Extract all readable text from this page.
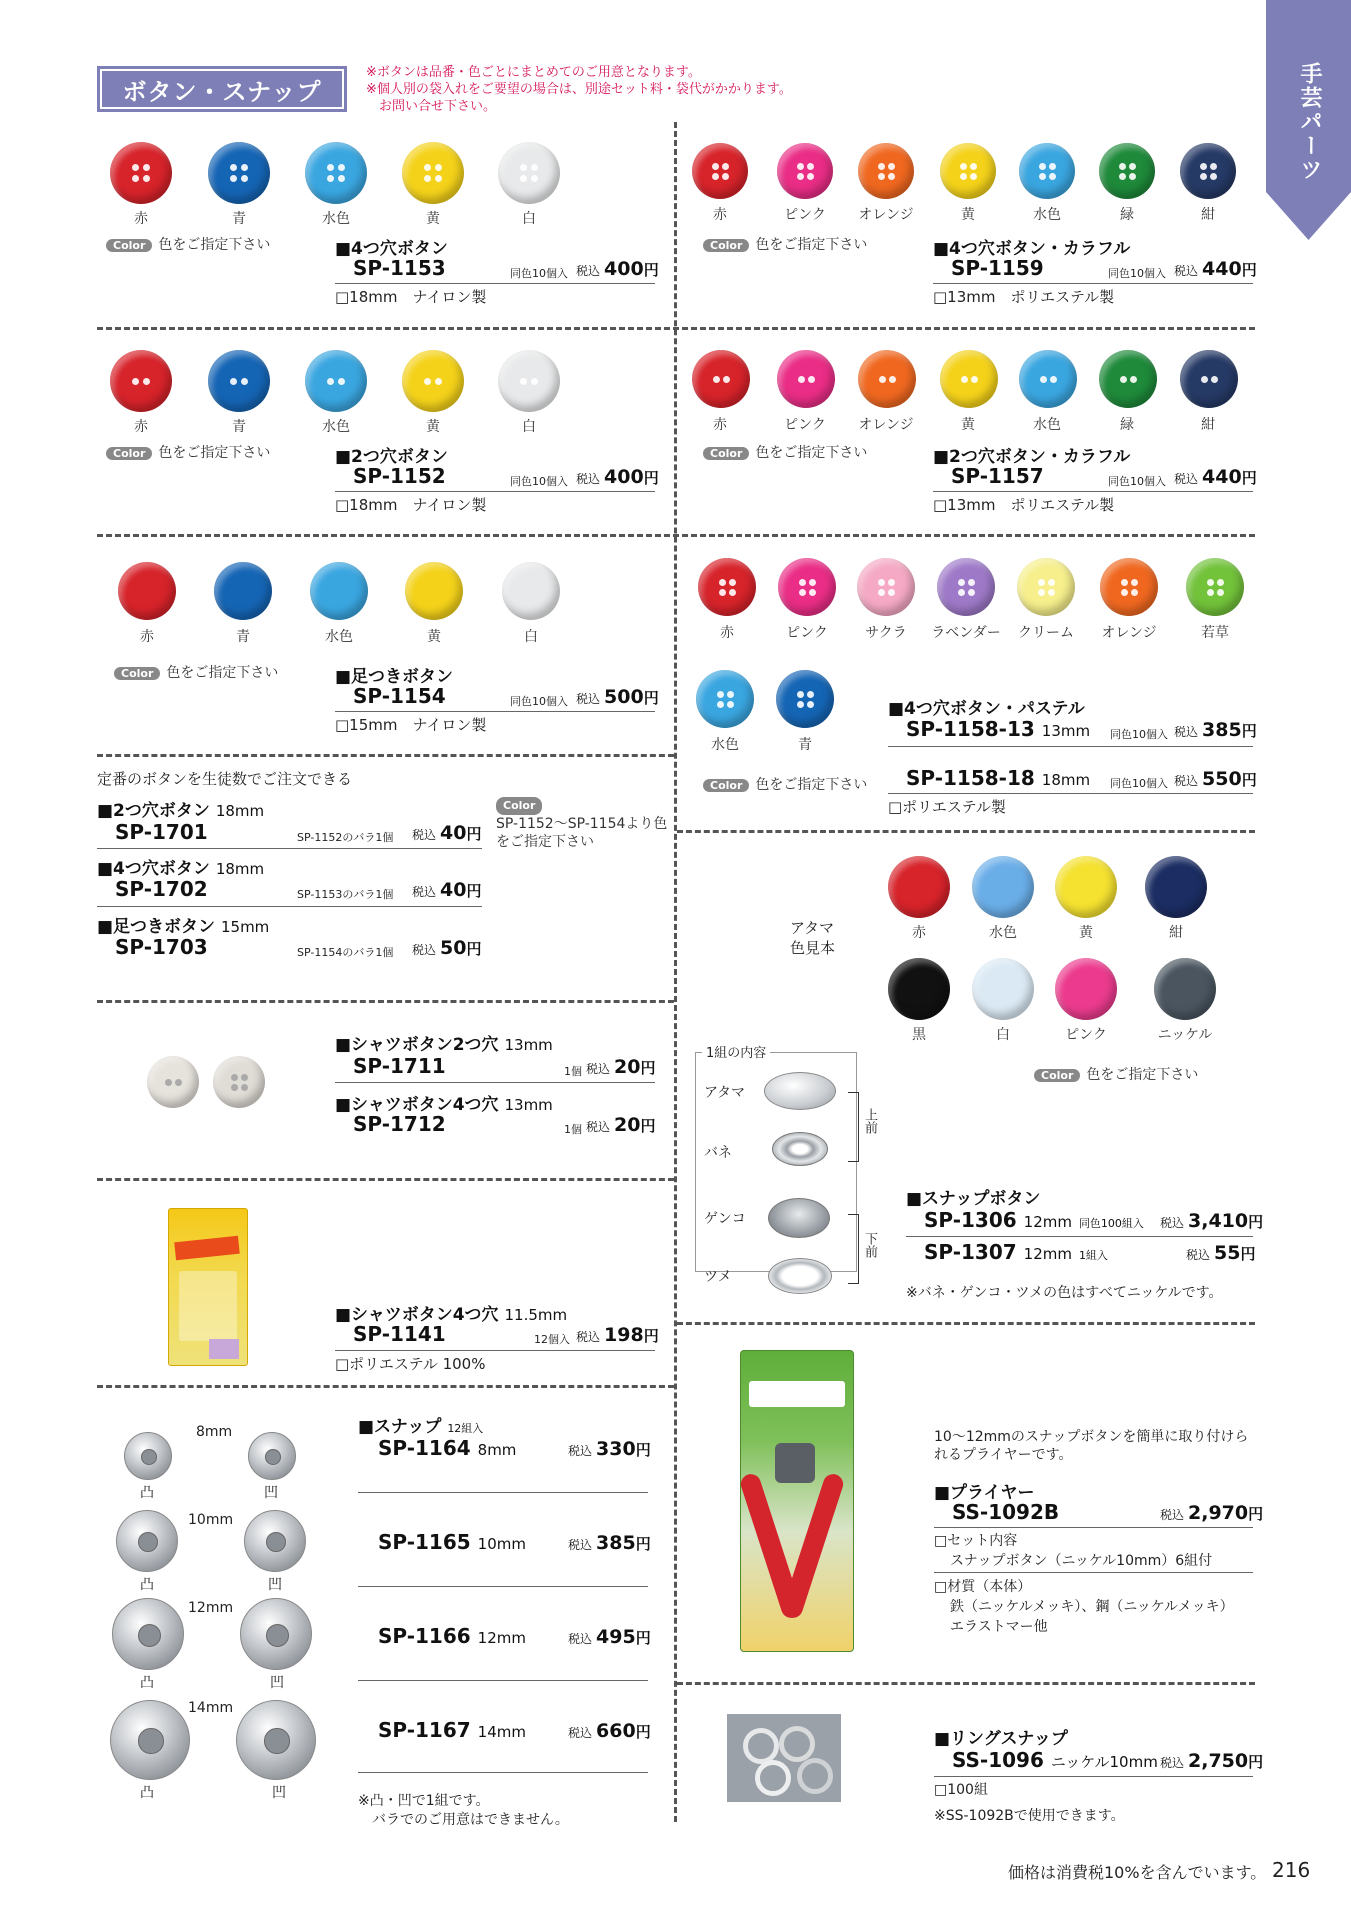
手芸パーツ
ボタン・スナップ
※ボタンは品番・色ごとにまとめてのご用意となります。
※個人別の袋入れをご要望の場合は、別途セット料・袋代がかかります。
　お問い合せ下さい。
赤	青	水色	黄	白
Color 色をご指定下さい	■4つ穴ボタン
SP-1153	同色10個入 税込 400円
□18mm　ナイロン製
赤	ピンク	オレンジ	黄	水色	緑	紺
Color 色をご指定下さい	■4つ穴ボタン・カラフル
SP-1159	同色10個入 税込 440円
□13mm　ポリエステル製
赤	青	水色	黄	白
Color 色をご指定下さい	■2つ穴ボタン
SP-1152	同色10個入 税込 400円
□18mm　ナイロン製
赤	ピンク	オレンジ	黄	水色	緑	紺
Color 色をご指定下さい	■2つ穴ボタン・カラフル
SP-1157	同色10個入 税込 440円
□13mm　ポリエステル製
赤	青	水色	黄	白
Color 色をご指定下さい	■足つきボタン
SP-1154	同色10個入 税込 500円
□15mm　ナイロン製
赤	ピンク	サクラ	ラベンダー	クリーム	オレンジ	若草
水色	青
Color 色をご指定下さい
■4つ穴ボタン・パステル
SP-1158-13 13mm 同色10個入 税込 385円
SP-1158-18 18mm 同色10個入 税込 550円
□ポリエステル製
定番のボタンを生徒数でご注文できる
■2つ穴ボタン 18mm
SP-1701	SP-1152のバラ1個 税込 40円
■4つ穴ボタン 18mm
SP-1702	SP-1153のバラ1個 税込 40円
■足つきボタン 15mm
SP-1703	SP-1154のバラ1個 税込 50円
Color
SP-1152～SP-1154より色をご指定下さい
アタマ
色見本
赤	水色	黄	紺
黒	白	ピンク	ニッケル
Color 色をご指定下さい
■シャツボタン2つ穴 13mm
SP-1711	1個 税込 20円
■シャツボタン4つ穴 13mm
SP-1712	1個 税込 20円
1組の内容
アタマ
バネ
ゲンコ
ツメ
上前
下前
■スナップボタン
SP-1306 12mm 同色100組入 税込 3,410円
SP-1307 12mm 1組入	税込 55円
※バネ・ゲンコ・ツメの色はすべてニッケルです。
■シャツボタン4つ穴 11.5mm
SP-1141	12個入 税込 198円
□ポリエステル 100%
10～12mmのスナップボタンを簡単に取り付けられるプライヤーです。
■プライヤー
SS-1092B	税込 2,970円
□セット内容
スナップボタン（ニッケル10mm）6組付
□材質（本体）
鉄（ニッケルメッキ）、鋼（ニッケルメッキ）
エラストマー他
8mm
凸	凹
10mm
凸	凹
12mm
凸	凹
14mm
凸	凹
■スナップ 12組入
SP-1164 8mm	税込 330円
SP-1165 10mm	税込 385円
SP-1166 12mm	税込 495円
SP-1167 14mm	税込 660円
※凸・凹で1組です。
　バラでのご用意はできません。
■リングスナップ
SS-1096 ニッケル10mm 税込 2,750円
□100組
※SS-1092Bで使用できます。
価格は消費税10%を含んでいます。 216
